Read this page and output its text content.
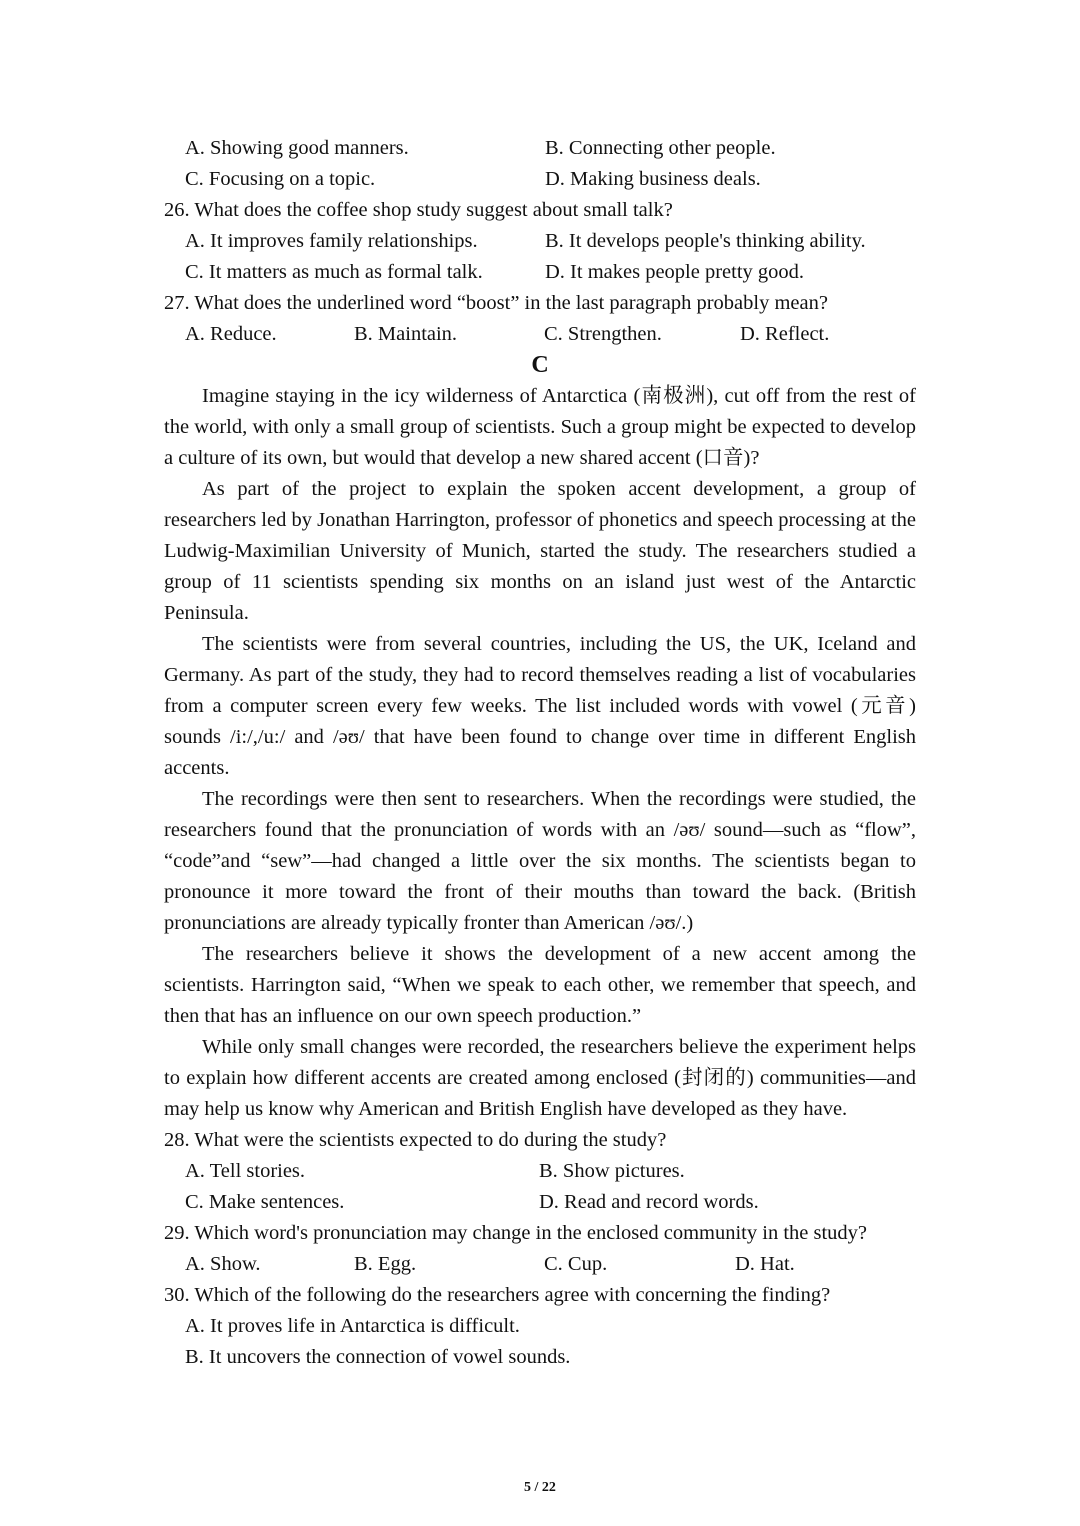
A. Showing good manners.	B. Connecting other people.
C. Focusing on a topic.	D. Making business deals.

26. What does the coffee shop study suggest about small talk?

A. It improves family relationships.	B. It develops people's thinking ability.
C. It matters as much as formal talk.	D. It makes people pretty good.

27. What does the underlined word “boost” in the last paragraph probably mean?

A. Reduce.	B. Maintain.	C. Strengthen.	D. Reflect.
C

Imagine staying in the icy wilderness of Antarctica (南极洲), cut off from the rest of the world, with only a small group of scientists. Such a group might be expected to develop a culture of its own, but would that develop a new shared accent (口音)?

As part of the project to explain the spoken accent development, a group of researchers led by Jonathan Harrington, professor of phonetics and speech processing at the Ludwig-Maximilian University of Munich, started the study. The researchers studied a group of 11 scientists spending six months on an island just west of the Antarctic Peninsula.

The scientists were from several countries, including the US, the UK, Iceland and Germany. As part of the study, they had to record themselves reading a list of vocabularies from a computer screen every few weeks. The list included words with vowel (元音) sounds /i:/,/u:/ and /əʊ/ that have been found to change over time in different English accents.

The recordings were then sent to researchers. When the recordings were studied, the researchers found that the pronunciation of words with an /əʊ/ sound—such as “flow”, “code”and “sew”—had changed a little over the six months. The scientists began to pronounce it more toward the front of their mouths than toward the back. (British pronunciations are already typically fronter than American /əʊ/.)

The researchers believe it shows the development of a new accent among the scientists. Harrington said, “When we speak to each other, we remember that speech, and then that has an influence on our own speech production.”

While only small changes were recorded, the researchers believe the experiment helps to explain how different accents are created among enclosed (封闭的) communities—and may help us know why American and British English have developed as they have.

28. What were the scientists expected to do during the study?

A. Tell stories.	B. Show pictures.
C. Make sentences.	D. Read and record words.

29. Which word's pronunciation may change in the enclosed community in the study?

A. Show.	B. Egg.	C. Cup.	D. Hat.

30. Which of the following do the researchers agree with concerning the finding?

A. It proves life in Antarctica is difficult.

B. It uncovers the connection of vowel sounds.

5 / 22
